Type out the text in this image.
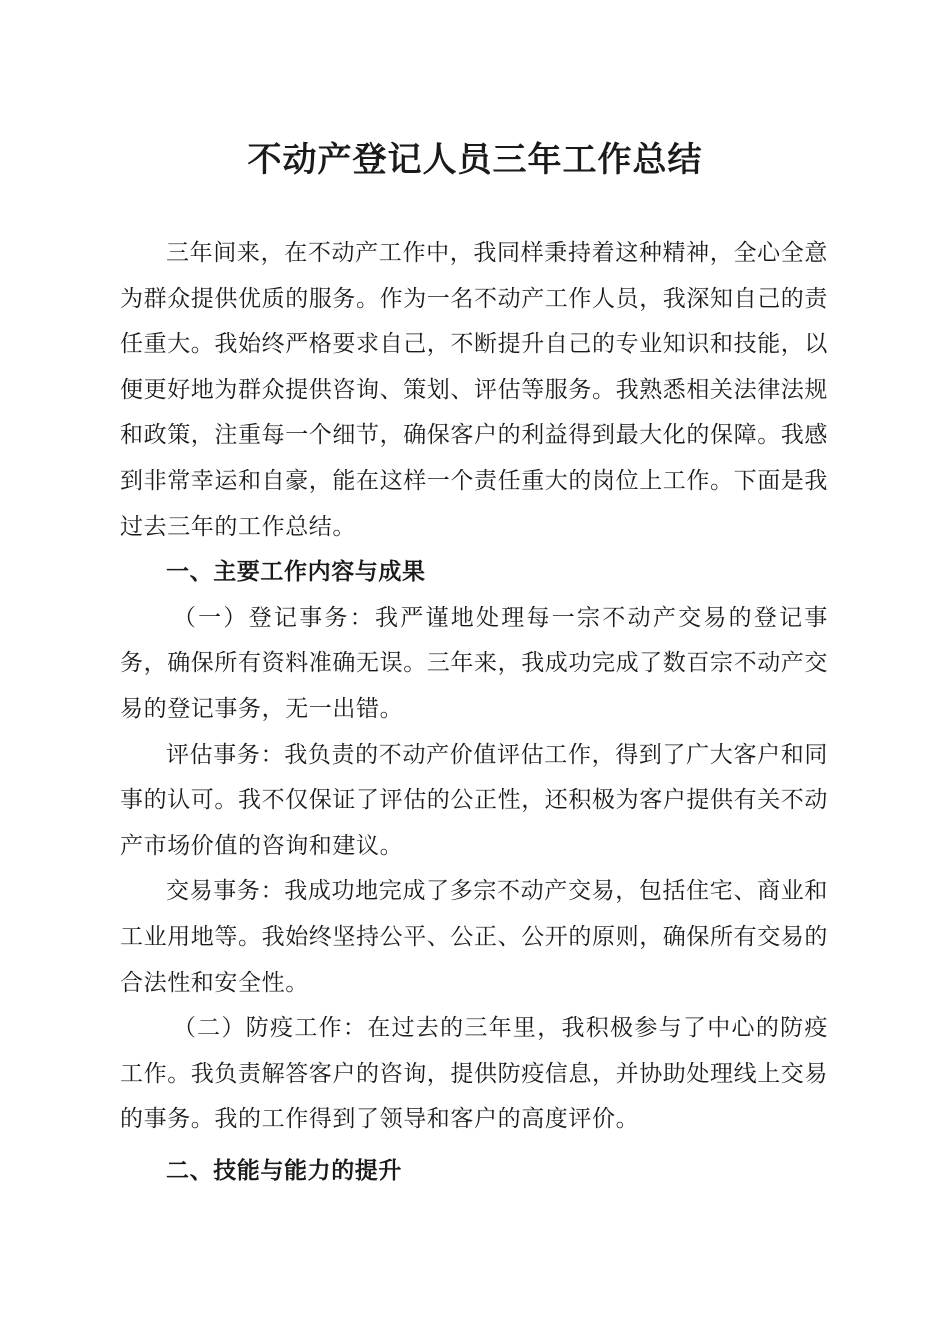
不动产登记人员三年工作总结

三年间来，在不动产工作中，我同样秉持着这种精神，全心全意为群众提供优质的服务。作为一名不动产工作人员，我深知自己的责任重大。我始终严格要求自己，不断提升自己的专业知识和技能，以便更好地为群众提供咨询、策划、评估等服务。我熟悉相关法律法规和政策，注重每一个细节，确保客户的利益得到最大化的保障。我感到非常幸运和自豪，能在这样一个责任重大的岗位上工作。下面是我过去三年的工作总结。

一、主要工作内容与成果

（一）登记事务：我严谨地处理每一宗不动产交易的登记事务，确保所有资料准确无误。三年来，我成功完成了数百宗不动产交易的登记事务，无一出错。

评估事务：我负责的不动产价值评估工作，得到了广大客户和同事的认可。我不仅保证了评估的公正性，还积极为客户提供有关不动产市场价值的咨询和建议。

交易事务：我成功地完成了多宗不动产交易，包括住宅、商业和工业用地等。我始终坚持公平、公正、公开的原则，确保所有交易的合法性和安全性。

（二）防疫工作：在过去的三年里，我积极参与了中心的防疫工作。我负责解答客户的咨询，提供防疫信息，并协助处理线上交易的事务。我的工作得到了领导和客户的高度评价。

二、技能与能力的提升
